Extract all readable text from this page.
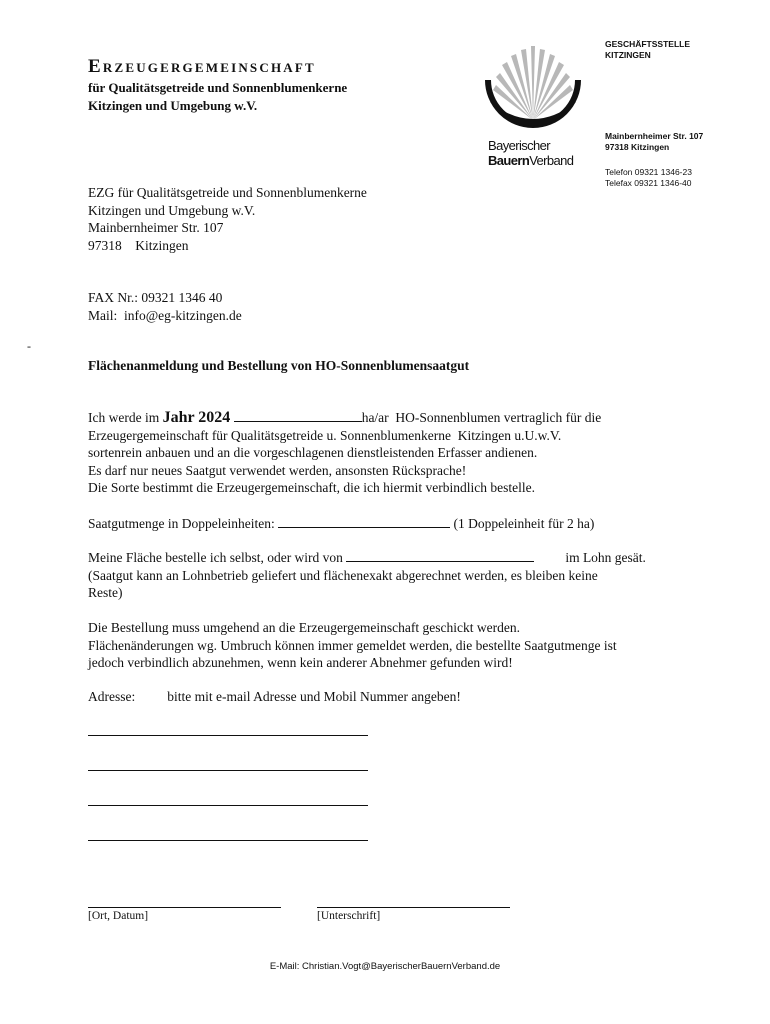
Erzeugergemeinschaft
für Qualitätsgetreide und Sonnenblumenkerne
Kitzingen und Umgebung w.V.
Bayerischer
BauernVerband
GESCHÄFTSSTELLE
KITZINGEN
Mainbernheimer Str. 107
97318 Kitzingen
Telefon 09321 1346-23
Telefax 09321 1346-40
EZG für Qualitätsgetreide und Sonnenblumenkerne
Kitzingen und Umgebung w.V.
Mainbernheimer Str. 107
97318    Kitzingen
FAX Nr.: 09321 1346 40
Mail:  info@eg-kitzingen.de
-
Flächenanmeldung und Bestellung von HO-Sonnenblumensaatgut
Ich werde im Jahr 2024	ha/ar  HO-Sonnenblumen vertraglich für die
Erzeugergemeinschaft für Qualitätsgetreide u. Sonnenblumenkerne  Kitzingen u.U.w.V.
sortenrein anbauen und an die vorgeschlagenen dienstleistenden Erfasser andienen.
Es darf nur neues Saatgut verwendet werden, ansonsten Rücksprache!
Die Sorte bestimmt die Erzeugergemeinschaft, die ich hiermit verbindlich bestelle.
Saatgutmenge in Doppeleinheiten:	(1 Doppeleinheit für 2 ha)
Meine Fläche bestelle ich selbst, oder wird von	im Lohn gesät.
(Saatgut kann an Lohnbetrieb geliefert und flächenexakt abgerechnet werden, es bleiben keine
Reste)
Die Bestellung muss umgehend an die Erzeugergemeinschaft geschickt werden.
Flächenänderungen wg. Umbruch können immer gemeldet werden, die bestellte Saatgutmenge ist
jedoch verbindlich abzunehmen, wenn kein anderer Abnehmer gefunden wird!
Adresse: bitte mit e-mail Adresse und Mobil Nummer angeben!
[Ort, Datum]	[Unterschrift]
E-Mail: Christian.Vogt@BayerischerBauernVerband.de
